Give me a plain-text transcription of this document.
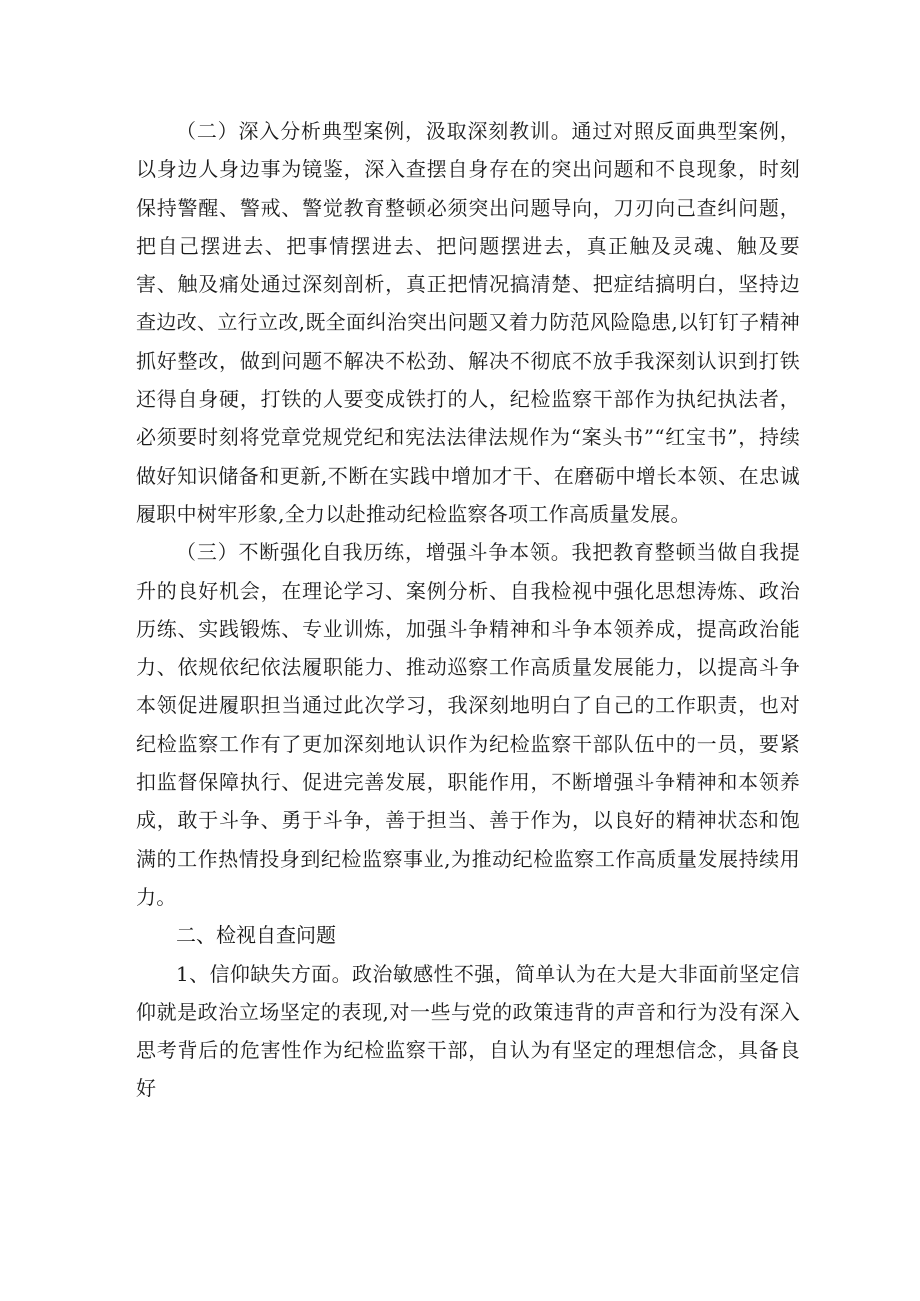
（二）深入分析典型案例，汲取深刻教训。通过对照反面典型案例，以身边人身边事为镜鉴，深入查摆自身存在的突出问题和不良现象，时刻保持警醒、警戒、警觉教育整顿必须突出问题导向，刀刃向己查纠问题，把自己摆进去、把事情摆进去、把问题摆进去，真正触及灵魂、触及要害、触及痛处通过深刻剖析，真正把情况搞清楚、把症结搞明白，坚持边查边改、立行立改,既全面纠治突出问题又着力防范风险隐患,以钉钉子精神抓好整改，做到问题不解决不松劲、解决不彻底不放手我深刻认识到打铁还得自身硬，打铁的人要变成铁打的人，纪检监察干部作为执纪执法者，必须要时刻将党章党规党纪和宪法法律法规作为“案头书”“红宝书”，持续做好知识储备和更新,不断在实践中增加才干、在磨砺中增长本领、在忠诚履职中树牢形象,全力以赴推动纪检监察各项工作高质量发展。

（三）不断强化自我历练，增强斗争本领。我把教育整顿当做自我提升的良好机会，在理论学习、案例分析、自我检视中强化思想涛炼、政治历练、实践锻炼、专业训炼，加强斗争精神和斗争本领养成，提高政治能力、依规依纪依法履职能力、推动巡察工作高质量发展能力，以提高斗争本领促进履职担当通过此次学习，我深刻地明白了自己的工作职责，也对纪检监察工作有了更加深刻地认识作为纪检监察干部队伍中的一员，要紧扣监督保障执行、促进完善发展，职能作用，不断增强斗争精神和本领养成，敢于斗争、勇于斗争，善于担当、善于作为，以良好的精神状态和饱满的工作热情投身到纪检监察事业,为推动纪检监察工作高质量发展持续用力。

二、检视自查问题

1、信仰缺失方面。政治敏感性不强，简单认为在大是大非面前坚定信仰就是政治立场坚定的表现,对一些与党的政策违背的声音和行为没有深入思考背后的危害性作为纪检监察干部，自认为有坚定的理想信念，具备良好
